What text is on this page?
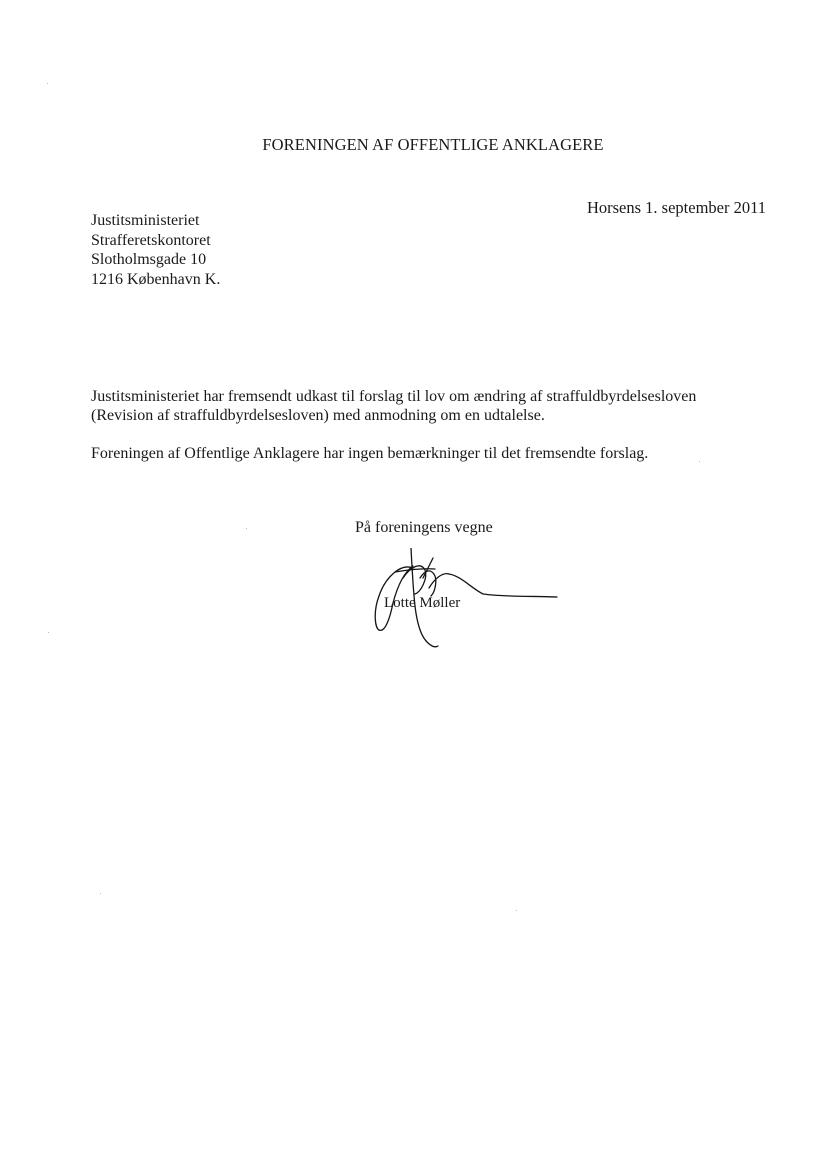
FORENINGEN AF OFFENTLIGE ANKLAGERE
Horsens 1. september 2011
Justitsministeriet
Strafferetskontoret
Slotholmsgade 10
1216 København K.
Justitsministeriet har fremsendt udkast til forslag til lov om ændring af straffuldbyrdelsesloven
(Revision af straffuldbyrdelsesloven) med anmodning om en udtalelse.
Foreningen af Offentlige Anklagere har ingen bemærkninger til det fremsendte forslag.
På foreningens vegne
Lotte Møller
